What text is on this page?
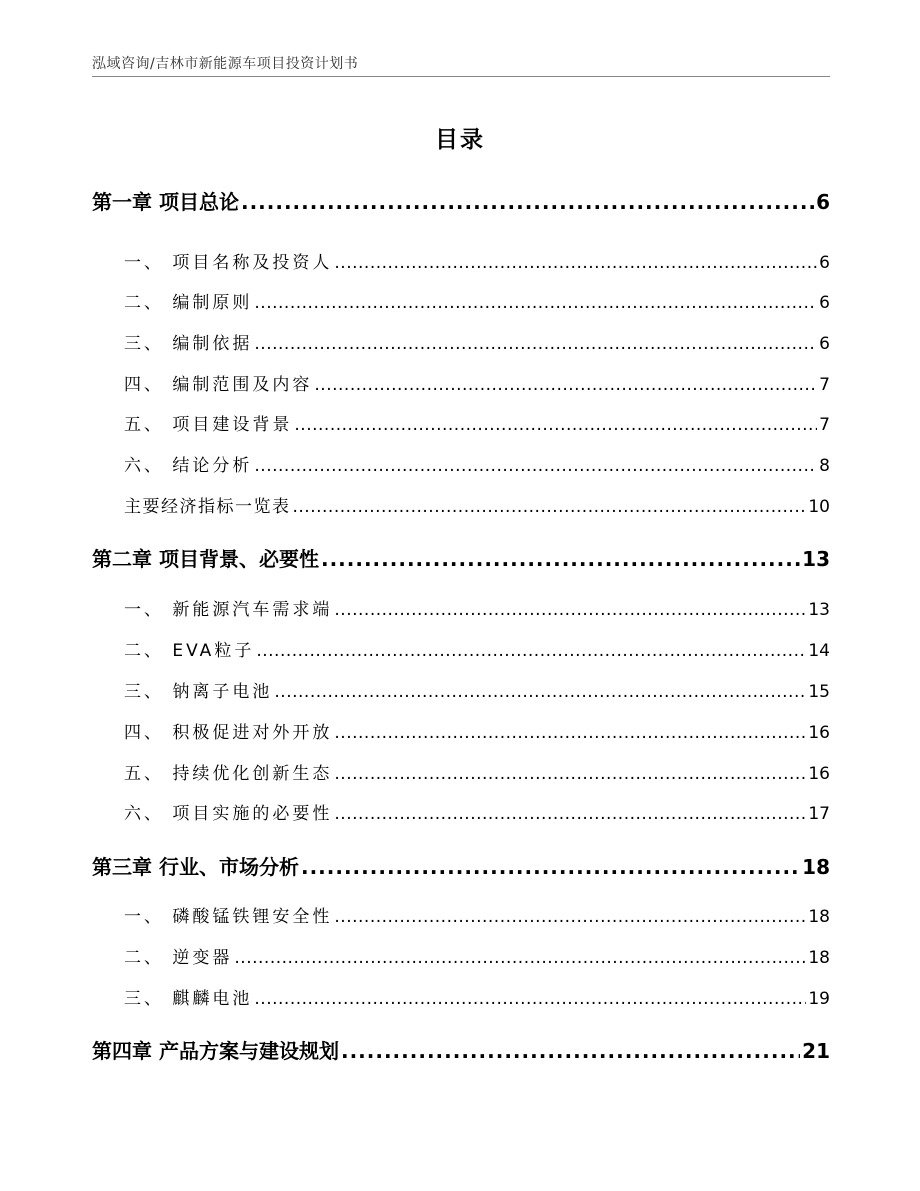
泓域咨询/吉林市新能源车项目投资计划书
目录
第一章 项目总论 .....	6
一、 项目名称及投资人 .....	6
二、 编制原则 .....	6
三、 编制依据 .....	6
四、 编制范围及内容 .....	7
五、 项目建设背景 .....	7
六、 结论分析 .....	8
主要经济指标一览表 .....	10
第二章 项目背景、必要性 .....	13
一、 新能源汽车需求端 .....	13
二、 EVA粒子 .....	14
三、 钠离子电池 .....	15
四、 积极促进对外开放 .....	16
五、 持续优化创新生态 .....	16
六、 项目实施的必要性 .....	17
第三章 行业、市场分析 .....	18
一、 磷酸锰铁锂安全性 .....	18
二、 逆变器 .....	18
三、 麒麟电池 .....	19
第四章 产品方案与建设规划 .....	21
